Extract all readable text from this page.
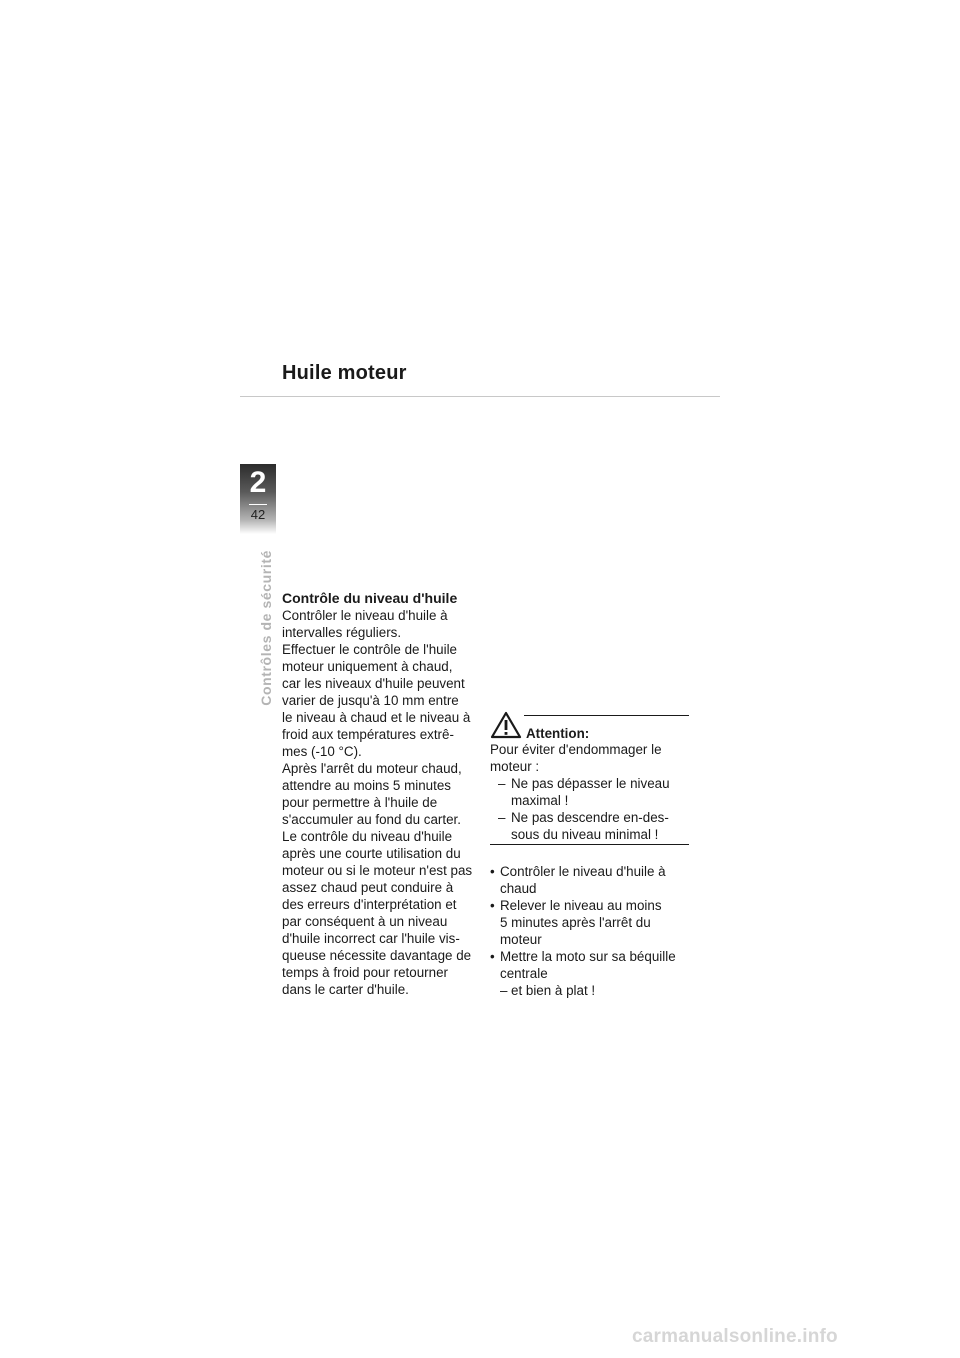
Huile moteur
2
42
Contrôles de sécurité Contrôle du niveau d'huile

Contrôler le niveau d'huile à
intervalles réguliers.
Effectuer le contrôle de l'huile
moteur uniquement à chaud,
car les niveaux d'huile peuvent
varier de jusqu'à 10 mm entre
le niveau à chaud et le niveau à
froid aux températures extrê-
mes (-10 °C).
Après l'arrêt du moteur chaud,
attendre au moins 5 minutes
pour permettre à l'huile de
s'accumuler au fond du carter.
Le contrôle du niveau d'huile
après une courte utilisation du
moteur ou si le moteur n'est pas
assez chaud peut conduire à
des erreurs d'interprétation et
par conséquent à un niveau
d'huile incorrect car l'huile vis-
queuse nécessite davantage de
temps à froid pour retourner
dans le carter d'huile.

Attention:
Pour éviter d'endommager le
moteur :
– Ne pas dépasser le niveau
maximal !
– Ne pas descendre en-des-
sous du niveau minimal !
• Contrôler le niveau d'huile à
chaud
• Relever le niveau au moins
5 minutes après l'arrêt du
moteur
• Mettre la moto sur sa béquille
centrale
– et bien à plat !
carmanualsonline.info
